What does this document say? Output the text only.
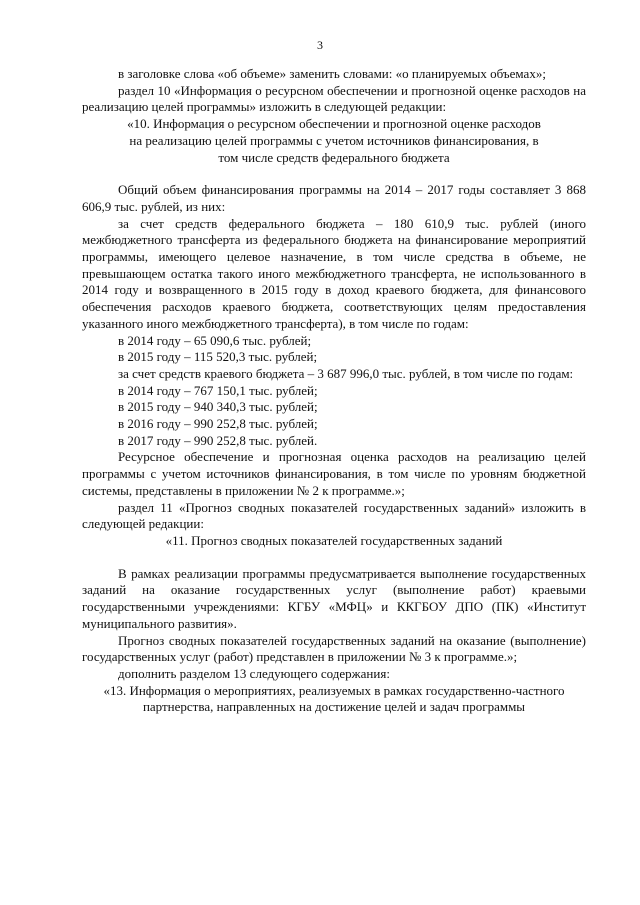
3

в заголовке слова «об объеме» заменить словами: «о планируемых объемах»;

раздел 10 «Информация о ресурсном обеспечении и прогнозной оценке расходов на реализацию целей программы» изложить в следующей редакции:

«10. Информация о ресурсном обеспечении и прогнозной оценке расходов на реализацию целей программы с учетом источников финансирования, в том числе средств федерального бюджета

Общий объем финансирования программы на 2014 – 2017 годы составляет 3 868 606,9 тыс. рублей, из них:

за счет средств федерального бюджета – 180 610,9 тыс. рублей (иного межбюджетного трансферта из федерального бюджета на финансирование мероприятий программы, имеющего целевое назначение, в том числе средства в объеме, не превышающем остатка такого иного межбюджетного трансферта, не использованного в 2014 году и возвращенного в 2015 году в доход краевого бюджета, для финансового обеспечения расходов краевого бюджета, соответствующих целям предоставления указанного иного межбюджетного трансферта), в том числе по годам:

в 2014 году – 65 090,6 тыс. рублей;

в 2015 году – 115 520,3 тыс. рублей;

за счет средств краевого бюджета – 3 687 996,0 тыс. рублей, в том числе по годам:

в 2014 году – 767 150,1 тыс. рублей;

в 2015 году – 940 340,3 тыс. рублей;

в 2016 году – 990 252,8 тыс. рублей;

в 2017 году – 990 252,8 тыс. рублей.

Ресурсное обеспечение и прогнозная оценка расходов на реализацию целей программы с учетом источников финансирования, в том числе по уровням бюджетной системы, представлены в приложении № 2 к программе.»;

раздел 11 «Прогноз сводных показателей государственных заданий» изложить в следующей редакции:

«11. Прогноз сводных показателей государственных заданий

В рамках реализации программы предусматривается выполнение государственных заданий на оказание государственных услуг (выполнение работ) краевыми государственными учреждениями: КГБУ «МФЦ» и ККГБОУ ДПО (ПК) «Институт муниципального развития».

Прогноз сводных показателей государственных заданий на оказание (выполнение) государственных услуг (работ) представлен в приложении № 3 к программе.»;

дополнить разделом 13 следующего содержания:

«13. Информация о мероприятиях, реализуемых в рамках государственно-частного партнерства, направленных на достижение целей и задач программы
